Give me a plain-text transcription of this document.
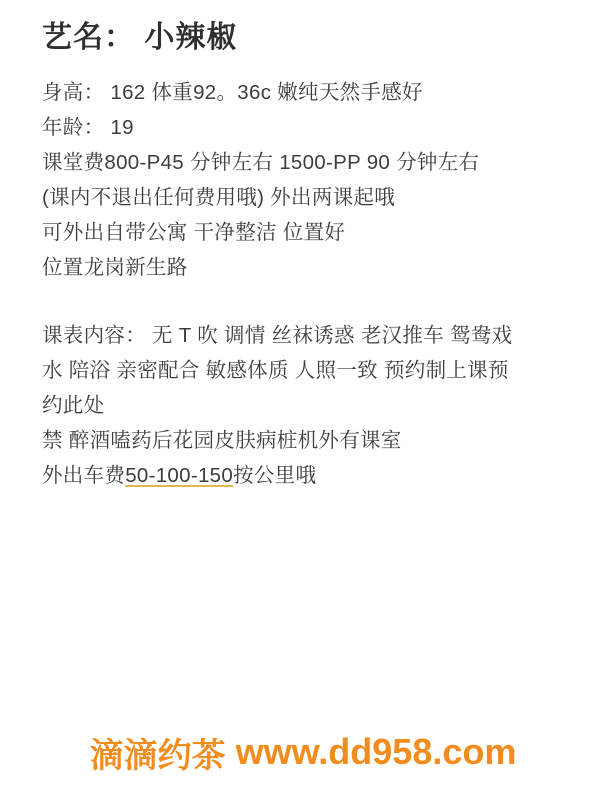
艺名： 小辣椒
身高： 162 体重92。36c 嫩纯天然手感好
年龄： 19
课堂费800-P45 分钟左右 1500-PP 90 分钟左右
(课内不退出任何费用哦) 外出两课起哦
可外出自带公寓 干净整洁 位置好
位置龙岗新生路
课表内容： 无 T 吹 调情 丝袜诱惑 老汉推车 鸳鸯戏
水 陪浴 亲密配合 敏感体质 人照一致 预约制上课预
约此处
禁 醉酒嗑药后花园皮肤病桩机外有课室
外出车费50-100-150按公里哦
滴滴约茶 www.dd958.com
